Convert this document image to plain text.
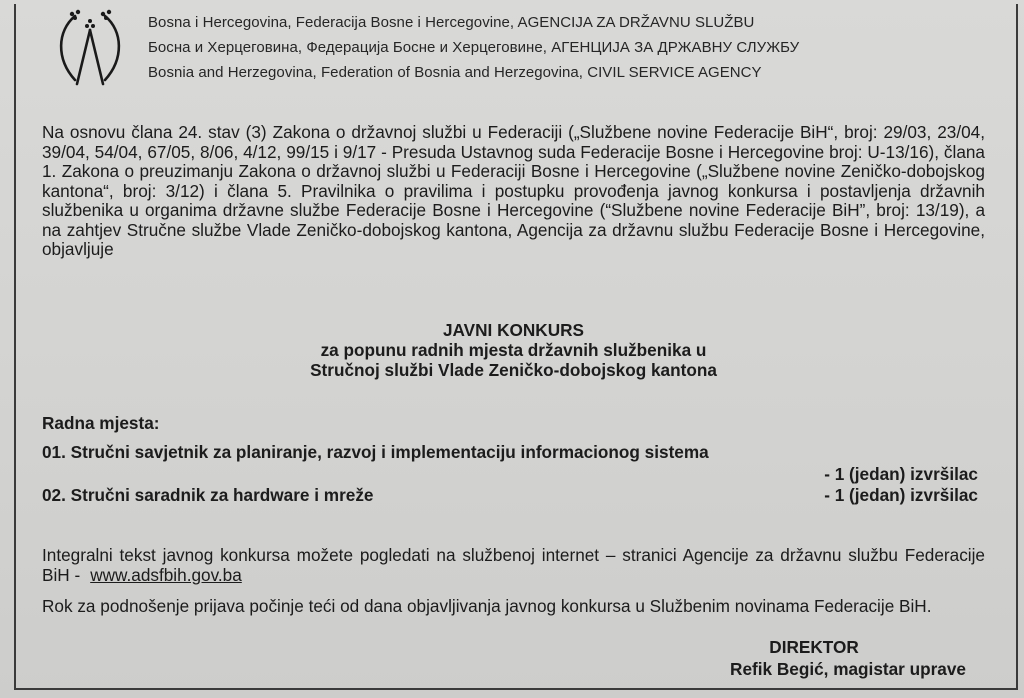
Bosna i Hercegovina, Federacija Bosne i Hercegovine, AGENCIJA ZA DRŽAVNU SLUŽBU
Босна и Херцеговина, Федерација Босне и Херцеговине, АГЕНЦИЈА ЗА ДРЖАВНУ СЛУЖБУ
Bosnia and Herzegovina, Federation of Bosnia and Herzegovina, CIVIL SERVICE AGENCY
Na osnovu člana 24. stav (3) Zakona o državnoj službi u Federaciji („Službene novine Federacije BiH“, broj: 29/03, 23/04, 39/04, 54/04, 67/05, 8/06, 4/12, 99/15 i 9/17 - Presuda Ustavnog suda Federacije Bosne i Hercegovine broj: U-13/16), člana 1. Zakona o preuzimanju Zakona o državnoj službi u Federaciji Bosne i Hercegovine („Službene novine Zeničko-dobojskog kantona“, broj: 3/12) i člana 5. Pravilnika o pravilima i postupku provođenja javnog konkursa i postavljenja državnih službenika u organima državne službe Federacije Bosne i Hercegovine (“Službene novine Federacije BiH”, broj: 13/19), a na zahtjev Stručne službe Vlade Zeničko-dobojskog kantona, Agencija za državnu službu Federacije Bosne i Hercegovine, objavljuje
JAVNI KONKURS
za popunu radnih mjesta državnih službenika u
Stručnoj službi Vlade Zeničko-dobojskog kantona
Radna mjesta:
01. Stručni savjetnik za planiranje, razvoj i implementaciju informacionog sistema
- 1 (jedan) izvršilac
02. Stručni saradnik za hardware i mreže	- 1 (jedan) izvršilac
Integralni tekst javnog konkursa možete pogledati na službenoj internet – stranici Agencije za državnu službu Federacije BiH - www.adsfbih.gov.ba
Rok za podnošenje prijava počinje teći od dana objavljivanja javnog konkursa u Službenim novinama Federacije BiH.
DIREKTOR
Refik Begić, magistar uprave
